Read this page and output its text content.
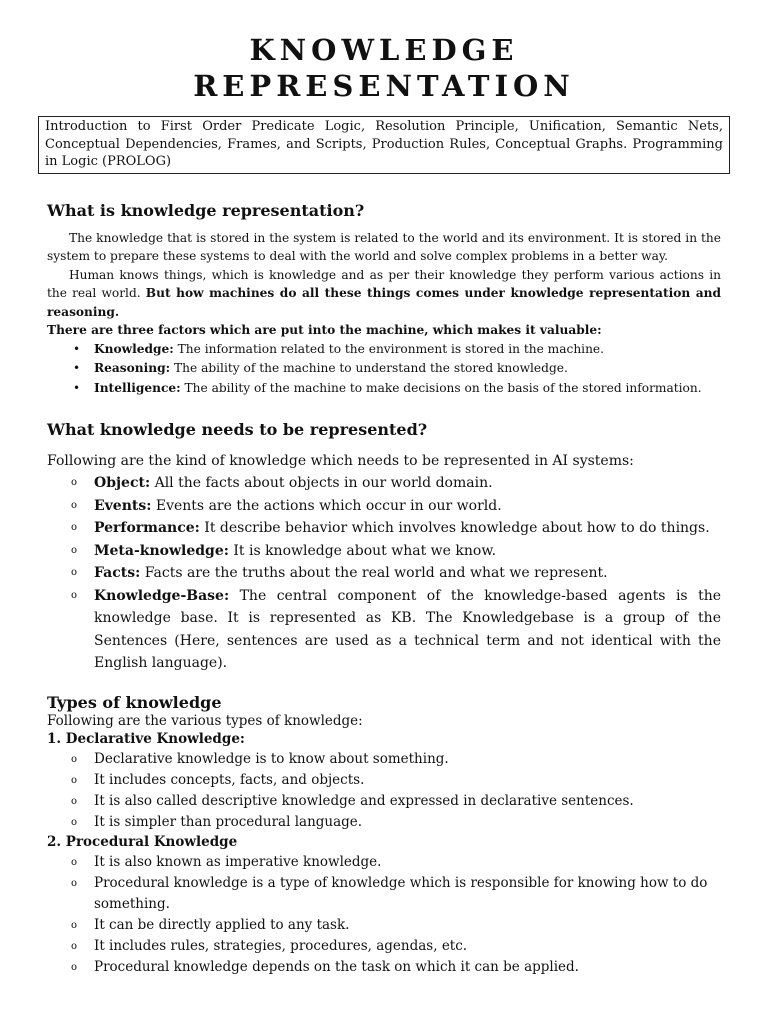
KNOWLEDGE
REPRESENTATION
Introduction to First Order Predicate Logic, Resolution Principle, Unification, Semantic Nets, Conceptual Dependencies, Frames, and Scripts, Production Rules, Conceptual Graphs. Programming in Logic (PROLOG)
What is knowledge representation?

The knowledge that is stored in the system is related to the world and its environment. It is stored in the system to prepare these systems to deal with the world and solve complex problems in a better way.

Human knows things, which is knowledge and as per their knowledge they perform various actions in the real world. But how machines do all these things comes under knowledge representation and reasoning.

There are three factors which are put into the machine, which makes it valuable:

• Knowledge: The information related to the environment is stored in the machine.
• Reasoning: The ability of the machine to understand the stored knowledge.
• Intelligence: The ability of the machine to make decisions on the basis of the stored information.
What knowledge needs to be represented?
Following are the kind of knowledge which needs to be represented in AI systems:
o Object: All the facts about objects in our world domain.
o Events: Events are the actions which occur in our world.
o Performance: It describe behavior which involves knowledge about how to do things.
o Meta-knowledge: It is knowledge about what we know.
o Facts: Facts are the truths about the real world and what we represent.
o Knowledge-Base: The central component of the knowledge-based agents is the knowledge base. It is represented as KB. The Knowledgebase is a group of the Sentences (Here, sentences are used as a technical term and not identical with the English language).
Types of knowledge
Following are the various types of knowledge:
1. Declarative Knowledge:
o Declarative knowledge is to know about something.
o It includes concepts, facts, and objects.
o It is also called descriptive knowledge and expressed in declarative sentences.
o It is simpler than procedural language.
2. Procedural Knowledge
o It is also known as imperative knowledge.
o Procedural knowledge is a type of knowledge which is responsible for knowing how to do something.
o It can be directly applied to any task.
o It includes rules, strategies, procedures, agendas, etc.
o Procedural knowledge depends on the task on which it can be applied.
